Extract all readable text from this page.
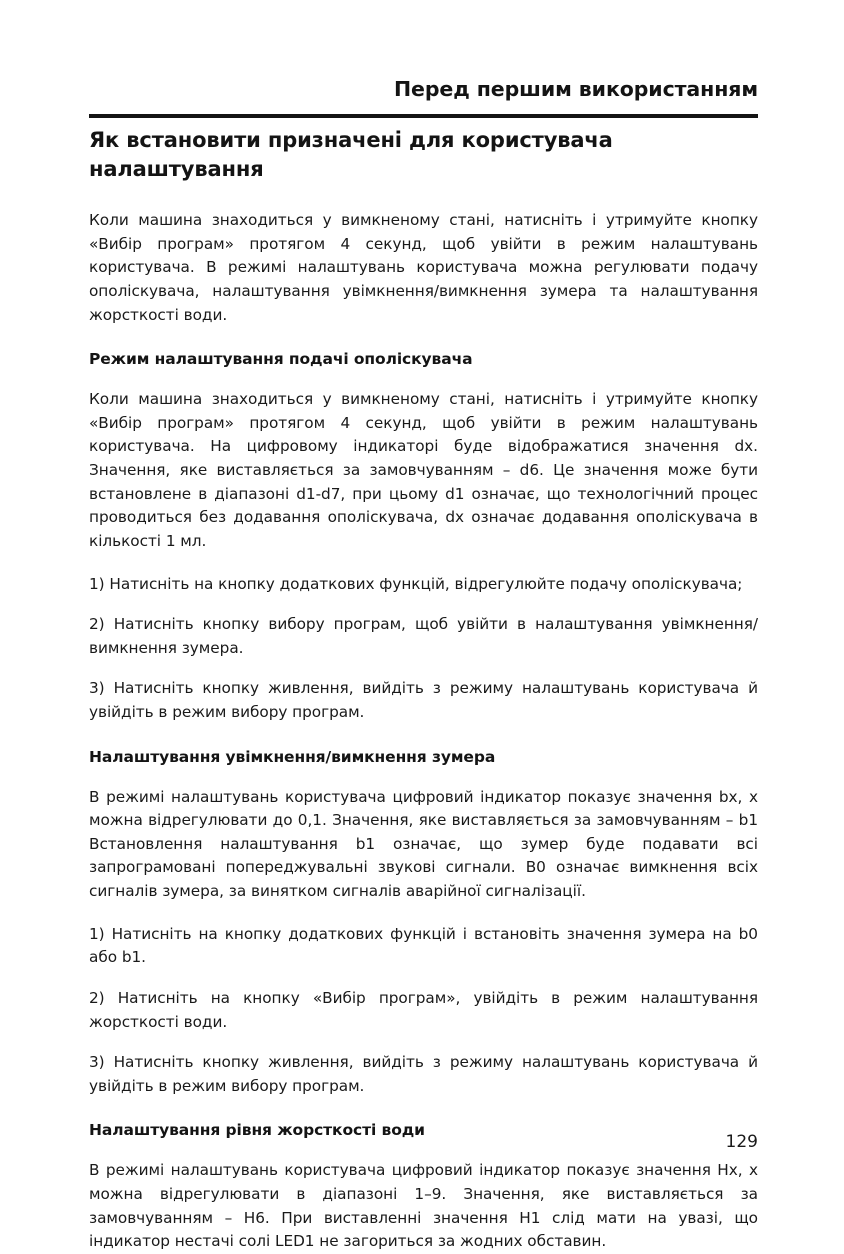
Перед першим використанням
Як встановити призначені для користувача налаштування

Коли машина знаходиться у вимкненому стані, натисніть і утримуйте кнопку «Вибір програм» протягом 4 секунд, щоб увійти в режим налаштувань користувача. В режимі налаштувань користувача можна регулювати подачу ополіскувача, налаштування увімкнення/вимкнення зумера та налаштування жорсткості води.

Режим налаштування подачі ополіскувача

Коли машина знаходиться у вимкненому стані, натисніть і утримуйте кнопку «Вибір програм» протягом 4 секунд, щоб увійти в режим налаштувань користувача. На цифровому індикаторі буде відображатися значення dx. Значення, яке виставляється за замовчуванням – d6. Це значення може бути встановлене в діапазоні d1-d7, при цьому d1 означає, що технологічний процес проводиться без додавання ополіскувача, dx означає додавання ополіскувача в кількості 1 мл.

1) Натисніть на кнопку додаткових функцій, відрегулюйте подачу ополіскувача;

2) Натисніть кнопку вибору програм, щоб увійти в налаштування увімкнення/вимкнення зумера.

3) Натисніть кнопку живлення, вийдіть з режиму налаштувань користувача й увійдіть в режим вибору програм.

Налаштування увімкнення/вимкнення зумера

В режимі налаштувань користувача цифровий індикатор показує значення bx, х можна відрегулювати до 0,1. Значення, яке виставляється за замовчуванням – b1 Встановлення налаштування b1 означає, що зумер буде подавати всі запрограмовані попереджувальні звукові сигнали. В0 означає вимкнення всіх сигналів зумера, за винятком сигналів аварійної сигналізації.

1) Натисніть на кнопку додаткових функцій і встановіть значення зумера на b0 або b1.

2) Натисніть на кнопку «Вибір програм», увійдіть в режим налаштування жорсткості води.

3) Натисніть кнопку живлення, вийдіть з режиму налаштувань користувача й увійдіть в режим вибору програм.

Налаштування рівня жорсткості води

В режимі налаштувань користувача цифровий індикатор показує значення Нх, х можна відрегулювати в діапазоні 1–9. Значення, яке виставляється за замовчуванням – Н6. При виставленні значення Н1 слід мати на увазі, що індикатор нестачі солі LED1 не загориться за жодних обставин.

129
